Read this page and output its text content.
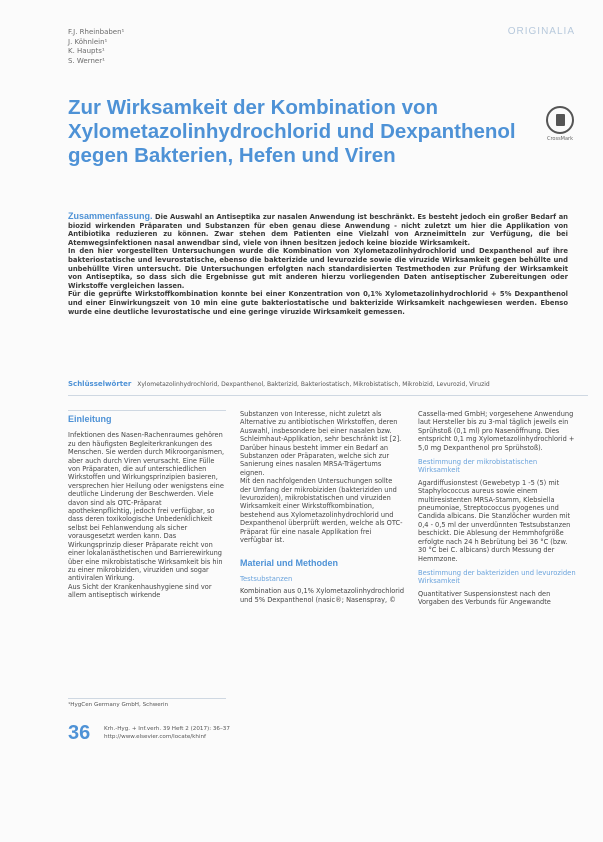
F.J. Rheinbaben¹
J. Köhnlein¹
K. Haupts¹
S. Werner¹
ORIGINALIA
Zur Wirksamkeit der Kombination von Xylometazolinhydrochlorid und Dexpanthenol gegen Bakterien, Hefen und Viren
CrossMark

Zusammenfassung. Die Auswahl an Antiseptika zur nasalen Anwendung ist beschränkt. Es besteht jedoch ein großer Bedarf an biozid wirkenden Präparaten und Substanzen für eben genau diese Anwendung - nicht zuletzt um hier die Applikation von Antibiotika reduzieren zu können. Zwar stehen dem Patienten eine Vielzahl von Arzneimitteln zur Verfügung, die bei Atemwegsinfektionen nasal anwendbar sind, viele von ihnen besitzen jedoch keine biozide Wirksamkeit.

In den hier vorgestellten Untersuchungen wurde die Kombination von Xylometazolinhydrochlorid und Dexpanthenol auf ihre bakteriostatische und levurostatische, ebenso die bakterizide und levurozide sowie die viruzide Wirksamkeit gegen behüllte und unbehüllte Viren untersucht. Die Untersuchungen erfolgten nach standardisierten Testmethoden zur Prüfung der Wirksamkeit von Antiseptika, so dass sich die Ergebnisse gut mit anderen hierzu vorliegenden Daten antiseptischer Zubereitungen oder Wirkstoffe vergleichen lassen.

Für die geprüfte Wirkstoffkombination konnte bei einer Konzentration von 0,1% Xylometazolinhydrochlorid + 5% Dexpanthenol und einer Einwirkungszeit von 10 min eine gute bakteriostatische und bakterizide Wirksamkeit nachgewiesen werden. Ebenso wurde eine deutliche levurostatische und eine geringe viruzide Wirksamkeit gemessen.

Schlüsselwörter Xylometazolinhydrochlorid, Dexpanthenol, Bakterizid, Bakteriostatisch, Mikrobistatisch, Mikrobizid, Levurozid, Viruzid
Einleitung

Infektionen des Nasen-Rachenraumes gehören zu den häufigsten Begleiterkrankungen des Menschen. Sie werden durch Mikroorganismen, aber auch durch Viren verursacht. Eine Fülle von Präparaten, die auf unterschiedlichen Wirkstoffen und Wirkungsprinzipien basieren, versprechen hier Heilung oder wenigstens eine deutliche Linderung der Beschwerden. Viele davon sind als OTC-Präparat apothekenpflichtig, jedoch frei verfügbar, so dass deren toxikologische Unbedenklichkeit selbst bei Fehlanwendung als sicher vorausgesetzt werden kann. Das Wirkungsprinzip dieser Präparate reicht von einer lokalanästhetischen und Barrierewirkung über eine mikrobistatische Wirksamkeit bis hin zu einer mikrobiziden, viruziden und sogar antiviralen Wirkung.

Aus Sicht der Krankenhaushygiene sind vor allem antiseptisch wirkende

¹HygCen Germany GmbH, Schwerin

Substanzen von Interesse, nicht zuletzt als Alternative zu antibiotischen Wirkstoffen, deren Auswahl, insbesondere bei einer nasalen bzw. Schleimhaut-Applikation, sehr beschränkt ist [2]. Darüber hinaus besteht immer ein Bedarf an Substanzen oder Präparaten, welche sich zur Sanierung eines nasalen MRSA-Trägertums eignen.

Mit den nachfolgenden Untersuchungen sollte der Umfang der mikrobiziden (bakteriziden und levuroziden), mikrobistatischen und viruziden Wirksamkeit einer Wirkstoffkombination, bestehend aus Xylometazolinhydrochlorid und Dexpanthenol überprüft werden, welche als OTC-Präparat für eine nasale Applikation frei verfügbar ist.

Material und Methoden
Testsubstanzen

Kombination aus 0,1% Xylometazolinhydrochlorid und 5% Dexpanthenol (nasic®; Nasenspray, ©

Cassella-med GmbH; vorgesehene Anwendung laut Hersteller bis zu 3-mal täglich jeweils ein Sprühstoß (0,1 ml) pro Nasenöffnung. Dies entspricht 0,1 mg Xylometazolinhydrochlorid + 5,0 mg Dexpanthenol pro Sprühstoß).

Bestimmung der mikrobistatischen Wirksamkeit

Agardiffusionstest (Gewebetyp 1 -5 (5) mit Staphylococcus aureus sowie einem multiresistenten MRSA-Stamm, Klebsiella pneumoniae, Streptococcus pyogenes und Candida albicans. Die Stanzlöcher wurden mit 0,4 - 0,5 ml der unverdünnten Testsubstanzen beschickt. Die Ablesung der Hemmhofgröße erfolgte nach 24 h Bebrütung bei 36 °C (bzw. 30 °C bei C. albicans) durch Messung der Hemmzone.

Bestimmung der bakteriziden und levuroziden Wirksamkeit

Quantitativer Suspensionstest nach den Vorgaben des Verbunds für Angewandte

36 Krh.-Hyg. + Inf.verh. 39 Heft 2 (2017): 36–37
http://www.elsevier.com/locate/khinf
